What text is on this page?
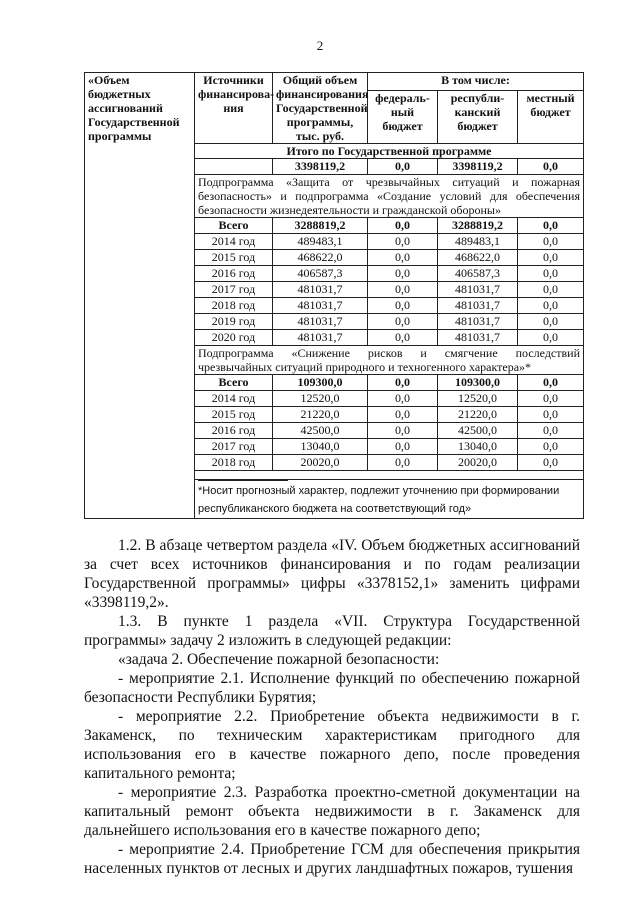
2
«Объем бюджетных ассигнований Государственной программы	Источники финансирова-ния	Общий объем финансирования Государственной программы, тыс. руб.	В том числе:		
			федераль-ный бюджет	республи-канский бюджет	местный бюджет
	Итого по Государственной программе				
		3398119,2	0,0	3398119,2	0,0
	Подпрограмма «Защита от чрезвычайных ситуаций и пожарная безопасность» и подпрограмма «Создание условий для обеспечения безопасности жизнедеятельности и гражданской обороны»				
	Всего	3288819,2	0,0	3288819,2	0,0
	2014 год	489483,1	0,0	489483,1	0,0
	2015 год	468622,0	0,0	468622,0	0,0
	2016 год	406587,3	0,0	406587,3	0,0
	2017 год	481031,7	0,0	481031,7	0,0
	2018 год	481031,7	0,0	481031,7	0,0
	2019 год	481031,7	0,0	481031,7	0,0
	2020 год	481031,7	0,0	481031,7	0,0
	Подпрограмма «Снижение рисков и смягчение последствий чрезвычайных ситуаций природного и техногенного характера»*				
	Всего	109300,0	0,0	109300,0	0,0
	2014 год	12520,0	0,0	12520,0	0,0
	2015 год	21220,0	0,0	21220,0	0,0
	2016 год	42500,0	0,0	42500,0	0,0
	2017 год	13040,0	0,0	13040,0	0,0
	2018 год	20020,0	0,0	20020,0	0,0

	*Носит прогнозный характер, подлежит уточнению при формировании республиканского бюджета на соответствующий год»				

1.2. В абзаце четвертом раздела «IV. Объем бюджетных ассигнований за счет всех источников финансирования и по годам реализации Государственной программы» цифры «3378152,1» заменить цифрами «3398119,2».

1.3. В пункте 1 раздела «VII. Структура Государственной программы» задачу 2 изложить в следующей редакции:

«задача 2. Обеспечение пожарной безопасности:

- мероприятие 2.1. Исполнение функций по обеспечению пожарной безопасности Республики Бурятия;

- мероприятие 2.2. Приобретение объекта недвижимости в г. Закаменск, по техническим характеристикам пригодного для использования его в качестве пожарного депо, после проведения капитального ремонта;

- мероприятие 2.3. Разработка проектно-сметной документации на капитальный ремонт объекта недвижимости в г. Закаменск для дальнейшего использования его в качестве пожарного депо;

- мероприятие 2.4. Приобретение ГСМ для обеспечения прикрытия населенных пунктов от лесных и других ландшафтных пожаров, тушения
